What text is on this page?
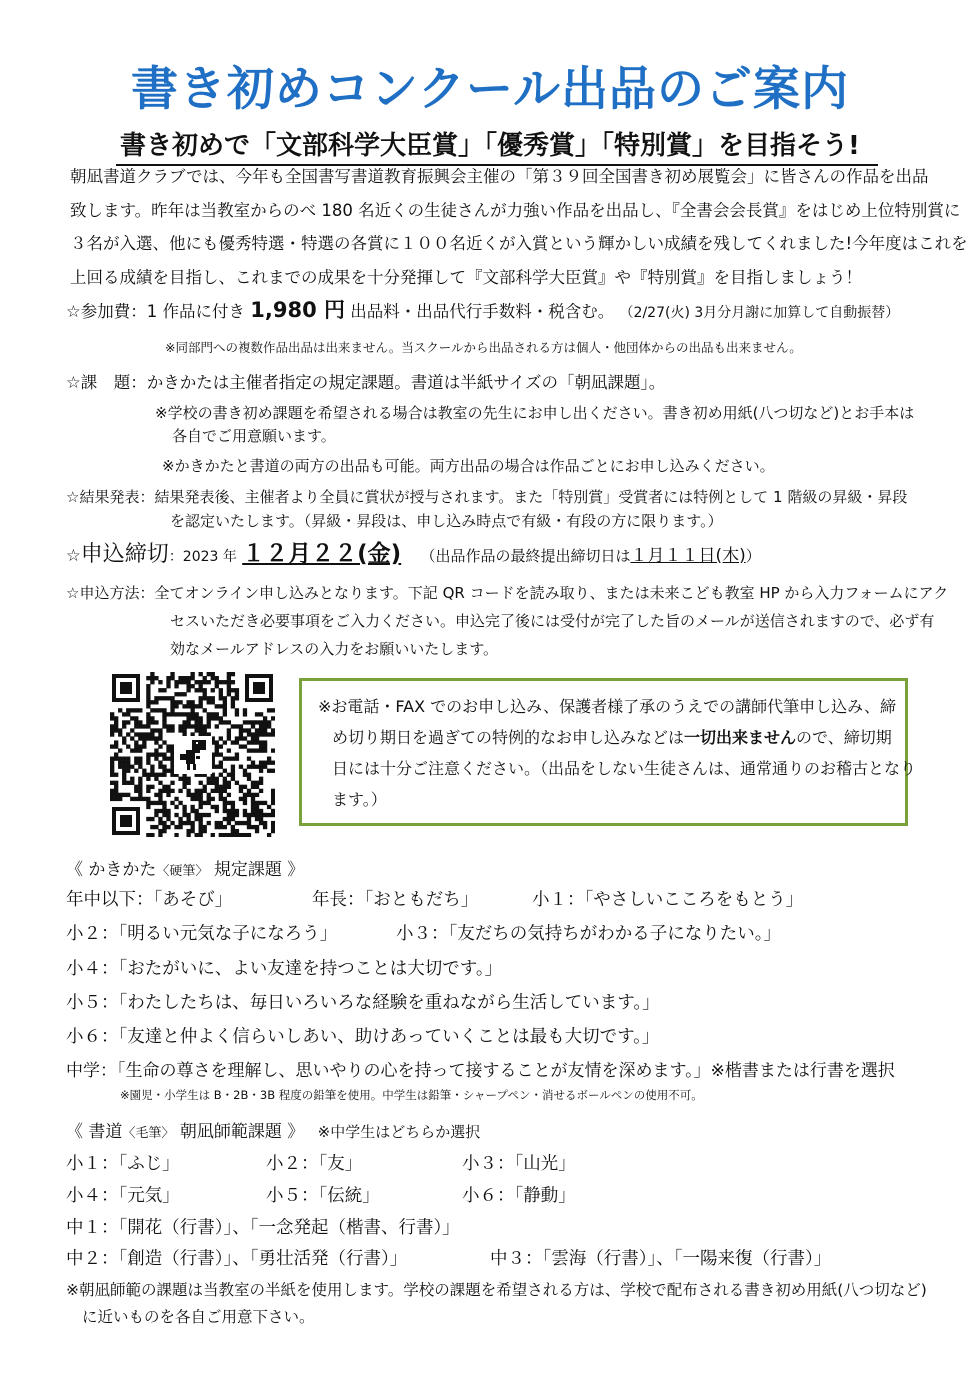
書き初めコンクール出品のご案内
書き初めで「文部科学大臣賞」「優秀賞」「特別賞」を目指そう!
朝凪書道クラブでは、今年も全国書写書道教育振興会主催の「第３９回全国書き初め展覧会」に皆さんの作品を出品
致します。昨年は当教室からのべ 180 名近くの生徒さんが力強い作品を出品し、『全書会会長賞』をはじめ上位特別賞に
３名が入選、他にも優秀特選・特選の各賞に１００名近くが入賞という輝かしい成績を残してくれました!今年度はこれを
上回る成績を目指し、これまでの成果を十分発揮して『文部科学大臣賞』や『特別賞』を目指しましょう！
☆参加費：1 作品に付き 1,980 円 出品料・出品代行手数料・税含む。 （2/27(火) 3月分月謝に加算して自動振替）
※同部門への複数作品出品は出来ません。当スクールから出品される方は個人・他団体からの出品も出来ません。
☆課　題：かきかたは主催者指定の規定課題。書道は半紙サイズの「朝凪課題」。
※学校の書き初め課題を希望される場合は教室の先生にお申し出ください。書き初め用紙(八つ切など)とお手本は
各自でご用意願います。
※かきかたと書道の両方の出品も可能。両方出品の場合は作品ごとにお申し込みください。
☆結果発表：結果発表後、主催者より全員に賞状が授与されます。また「特別賞」受賞者には特例として 1 階級の昇級・昇段
を認定いたします。（昇級・昇段は、申し込み時点で有級・有段の方に限ります。）
☆申込締切：2023 年 １２月２２(金) （出品作品の最終提出締切日は１月１１日(木)）
☆申込方法：全てオンライン申し込みとなります。下記 QR コードを読み取り、または未来こども教室 HP から入力フォームにアク
セスいただき必要事項をご入力ください。申込完了後には受付が完了した旨のメールが送信されますので、必ず有
効なメールアドレスの入力をお願いいたします。
※お電話・FAX でのお申し込み、保護者様了承のうえでの講師代筆申し込み、締
め切り期日を過ぎての特例的なお申し込みなどは一切出来ませんので、締切期
日には十分ご注意ください。（出品をしない生徒さんは、通常通りのお稽古となり
ます。）
《 かきかた〈硬筆〉 規定課題 》
年中以下：「あそび」	年長：「おともだち」	小１：「やさしいこころをもとう」
小２：「明るい元気な子になろう」	小３：「友だちの気持ちがわかる子になりたい。」
小４：「おたがいに、よい友達を持つことは大切です。」
小５：「わたしたちは、毎日いろいろな経験を重ねながら生活しています。」
小６：「友達と仲よく信らいしあい、助けあっていくことは最も大切です。」
中学：「生命の尊さを理解し、思いやりの心を持って接することが友情を深めます。」※楷書または行書を選択
※園児・小学生は B・2B・3B 程度の鉛筆を使用。中学生は鉛筆・シャープペン・消せるボールペンの使用不可。
《 書道〈毛筆〉 朝凪師範課題 》 ※中学生はどちらか選択
小１：「ふじ」	小２：「友」	小３：「山光」
小４：「元気」	小５：「伝統」	小６：「静動」
中１：「開花（行書）」、「一念発起（楷書、行書）」
中２：「創造（行書）」、「勇壮活発（行書）」	中３：「雲海（行書）」、「一陽来復（行書）」
※朝凪師範の課題は当教室の半紙を使用します。学校の課題を希望される方は、学校で配布される書き初め用紙(八つ切など)
に近いものを各自ご用意下さい。
